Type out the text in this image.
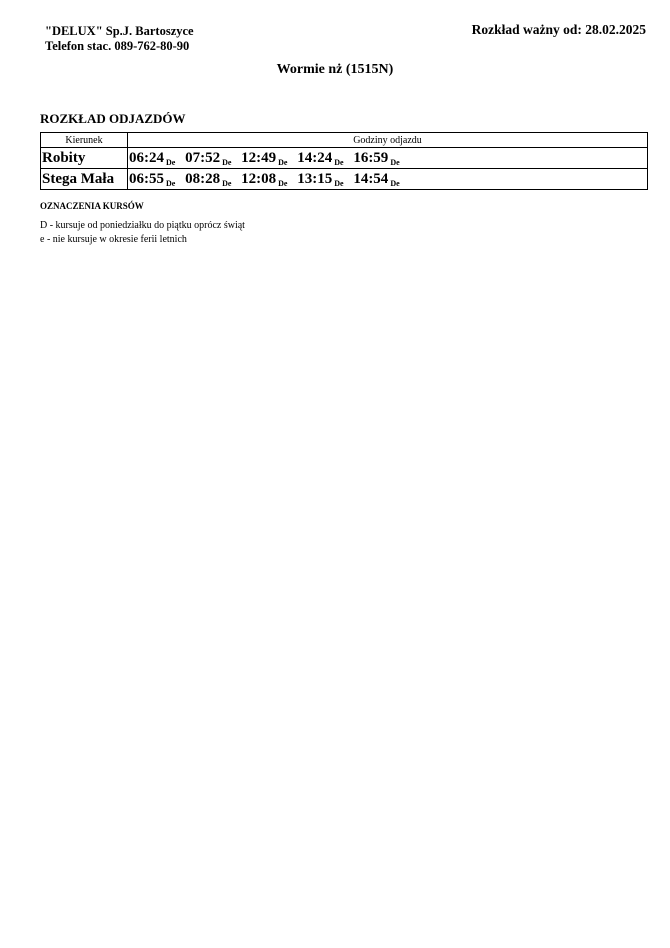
"DELUX" Sp.J. Bartoszyce
Telefon stac. 089-762-80-90
Rozkład ważny od: 28.02.2025
Wormie nż (1515N)
ROZKŁAD ODJAZDÓW
Kierunek	Godziny odjazdu
Robity	06:24 $_{De}$ 07:52 $_{De}$ 12:49 $_{De}$ 14:24 $_{De}$ 16:59 $_{De}$
Stega Mała	06:55 $_{De}$ 08:28 $_{De}$ 12:08 $_{De}$ 13:15 $_{De}$ 14:54 $_{De}$
OZNACZENIA KURSÓW
D - kursuje od poniedziałku do piątku oprócz świąt
e - nie kursuje w okresie ferii letnich
